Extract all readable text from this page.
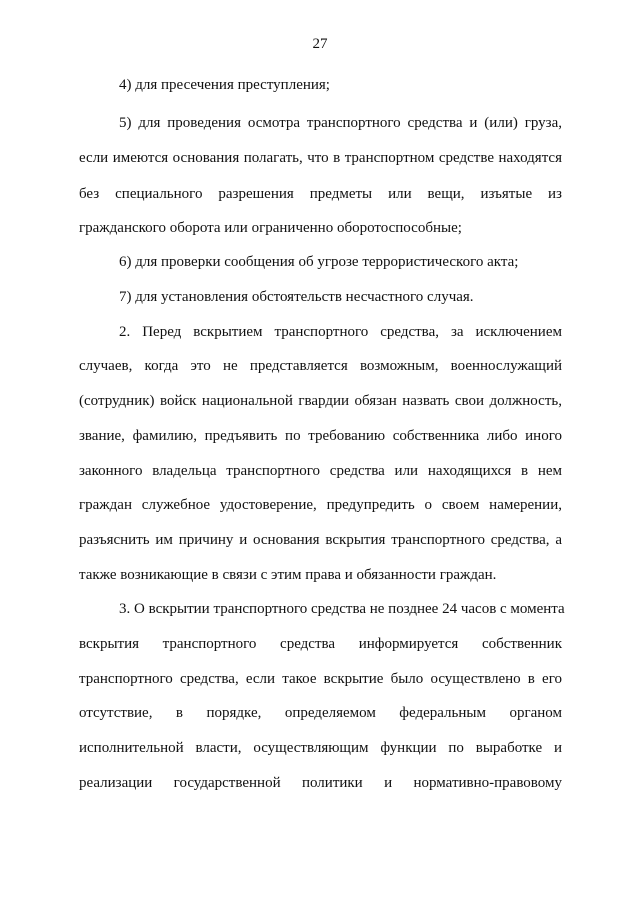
27
4) для пресечения преступления;
5) для проведения осмотра транспортного средства и (или) груза,
если имеются основания полагать, что в транспортном средстве находятся
без специального разрешения предметы или вещи, изъятые из
гражданского оборота или ограниченно оборотоспособные;
6) для проверки сообщения об угрозе террористического акта;
7) для установления обстоятельств несчастного случая.
2. Перед вскрытием транспортного средства, за исключением
случаев, когда это не представляется возможным, военнослужащий
(сотрудник) войск национальной гвардии обязан назвать свои должность,
звание, фамилию, предъявить по требованию собственника либо иного
законного владельца транспортного средства или находящихся в нем
граждан служебное удостоверение, предупредить о своем намерении,
разъяснить им причину и основания вскрытия транспортного средства, а
также возникающие в связи с этим права и обязанности граждан.
3. О вскрытии транспортного средства не позднее 24 часов с момента
вскрытия транспортного средства информируется собственник
транспортного средства, если такое вскрытие было осуществлено в его
отсутствие, в порядке, определяемом федеральным органом
исполнительной власти, осуществляющим функции по выработке и
реализации государственной политики и нормативно-правовому
